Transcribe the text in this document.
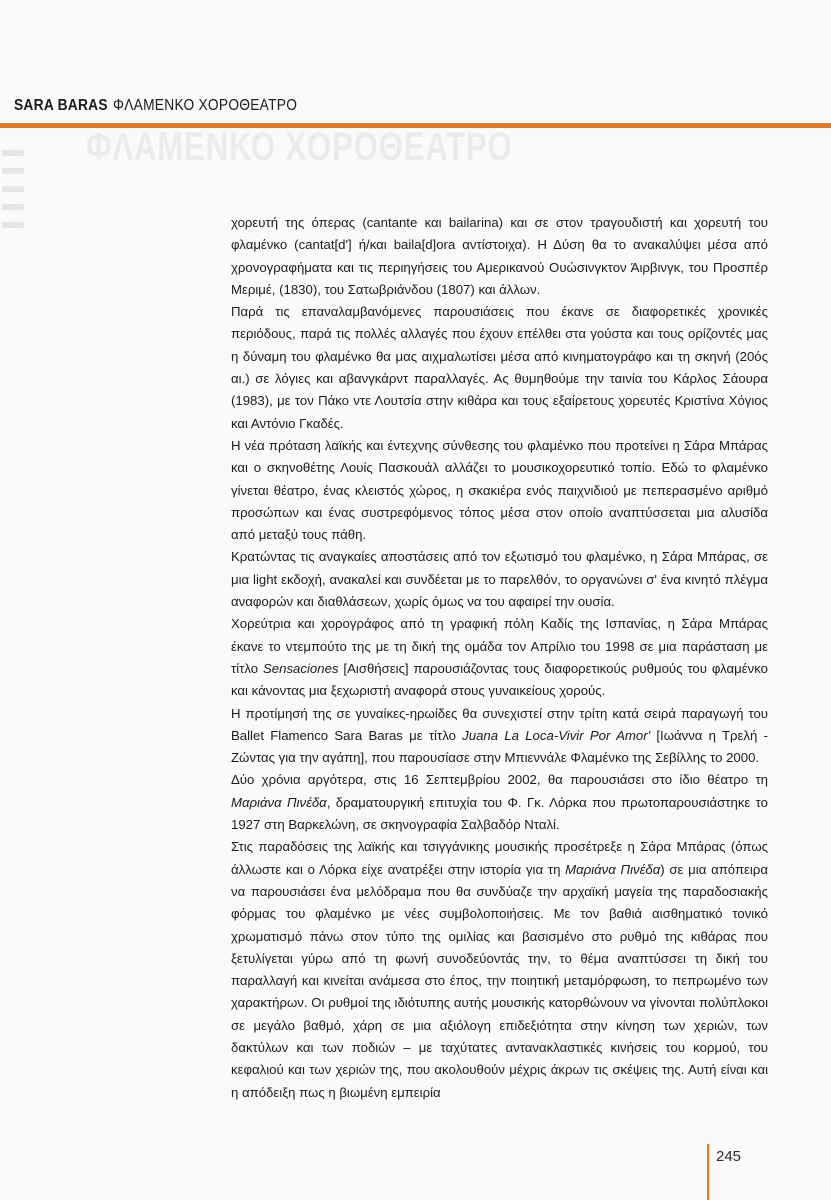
SARA BARAS ΦΛΑΜΕΝΚΟ ΧΟΡΟΘΕΑΤΡΟ
ΦΛΑΜΕΝΚΟ ΧΟΡΟΘΕΑΤΡΟ

χορευτή της όπερας (cantante και bailarina) και σε στον τραγουδιστή και χορευτή του φλαμένκο (cantat[d'] ή/και baila[d]ora αντίστοιχα). Η Δύση θα το ανακαλύψει μέσα από χρονογραφήματα και τις περιηγήσεις του Αμερικανού Ουώσινγκτον Άιρβινγκ, του Προσπέρ Μεριμέ, (1830), του Σατωβριάνδου (1807) και άλλων.

Παρά τις επαναλαμβανόμενες παρουσιάσεις που έκανε σε διαφορετικές χρονικές περιόδους, παρά τις πολλές αλλαγές που έχουν επέλθει στα γούστα και τους ορίζοντές μας η δύναμη του φλαμένκο θα μας αιχμαλωτίσει μέσα από κινηματογράφο και τη σκηνή (20ός αι.) σε λόγιες και αβανγκάρντ παραλλαγές. Ας θυμηθούμε την ταινία του Κάρλος Σάουρα (1983), με τον Πάκο ντε Λουτσία στην κιθάρα και τους εξαίρετους χορευτές Κριστίνα Χόγιος και Αντόνιο Γκαδές.

Η νέα πρόταση λαϊκής και έντεχνης σύνθεσης του φλαμένκο που προτείνει η Σάρα Μπάρας και ο σκηνοθέτης Λουίς Πασκουάλ αλλάζει το μουσικοχορευτικό τοπίο. Εδώ το φλαμένκο γίνεται θέατρο, ένας κλειστός χώρος, η σκακιέρα ενός παιχνιδιού με πεπερασμένο αριθμό προσώπων και ένας συστρεφόμενος τόπος μέσα στον οποίο αναπτύσσεται μια αλυσίδα από μεταξύ τους πάθη.

Κρατώντας τις αναγκαίες αποστάσεις από τον εξωτισμό του φλαμένκο, η Σάρα Μπάρας, σε μια light εκδοχή, ανακαλεί και συνδέεται με το παρελθόν, το οργανώνει σ' ένα κινητό πλέγμα αναφορών και διαθλάσεων, χωρίς όμως να του αφαιρεί την ουσία.

Χορεύτρια και χορογράφος από τη γραφική πόλη Καδίς της Ισπανίας, η Σάρα Μπάρας έκανε το ντεμπούτο της με τη δική της ομάδα τον Απρίλιο του 1998 σε μια παράσταση με τίτλο Sensaciones [Αισθήσεις] παρουσιάζοντας τους διαφορετικούς ρυθμούς του φλαμένκο και κάνοντας μια ξεχωριστή αναφορά στους γυναικείους χορούς.

Η προτίμησή της σε γυναίκες-ηρωίδες θα συνεχιστεί στην τρίτη κατά σειρά παραγωγή του Ballet Flamenco Sara Baras με τίτλο Juana La Loca-Vivir Por Amor' [Ιωάννα η Τρελή - Ζώντας για την αγάπη], που παρουσίασε στην Μπιεννάλε Φλαμένκο της Σεβίλλης το 2000.

Δύο χρόνια αργότερα, στις 16 Σεπτεμβρίου 2002, θα παρουσιάσει στο ίδιο θέατρο τη Μαριάνα Πινέδα, δραματουργική επιτυχία του Φ. Γκ. Λόρκα που πρωτοπαρουσιάστηκε το 1927 στη Βαρκελώνη, σε σκηνογραφία Σαλβαδόρ Νταλί.

Στις παραδόσεις της λαϊκής και τσιγγάνικης μουσικής προσέτρεξε η Σάρα Μπάρας (όπως άλλωστε και ο Λόρκα είχε ανατρέξει στην ιστορία για τη Μαριάνα Πινέδα) σε μια απόπειρα να παρουσιάσει ένα μελόδραμα που θα συνδύαζε την αρχαϊκή μαγεία της παραδοσιακής φόρμας του φλαμένκο με νέες συμβολοποιήσεις. Με τον βαθιά αισθηματικό τονικό χρωματισμό πάνω στον τύπο της ομιλίας και βασισμένο στο ρυθμό της κιθάρας που ξετυλίγεται γύρω από τη φωνή συνοδεύοντάς την, το θέμα αναπτύσσει τη δική του παραλλαγή και κινείται ανάμεσα στο έπος, την ποιητική μεταμόρφωση, το πεπρωμένο των χαρακτήρων. Οι ρυθμοί της ιδιότυπης αυτής μουσικής κατορθώνουν να γίνονται πολύπλοκοι σε μεγάλο βαθμό, χάρη σε μια αξιόλογη επιδεξιότητα στην κίνηση των χεριών, των δακτύλων και των ποδιών – με ταχύτατες αντανακλαστικές κινήσεις του κορμού, του κεφαλιού και των χεριών της, που ακολουθούν μέχρις άκρων τις σκέψεις της. Αυτή είναι και η απόδειξη πως η βιωμένη εμπειρία

245
